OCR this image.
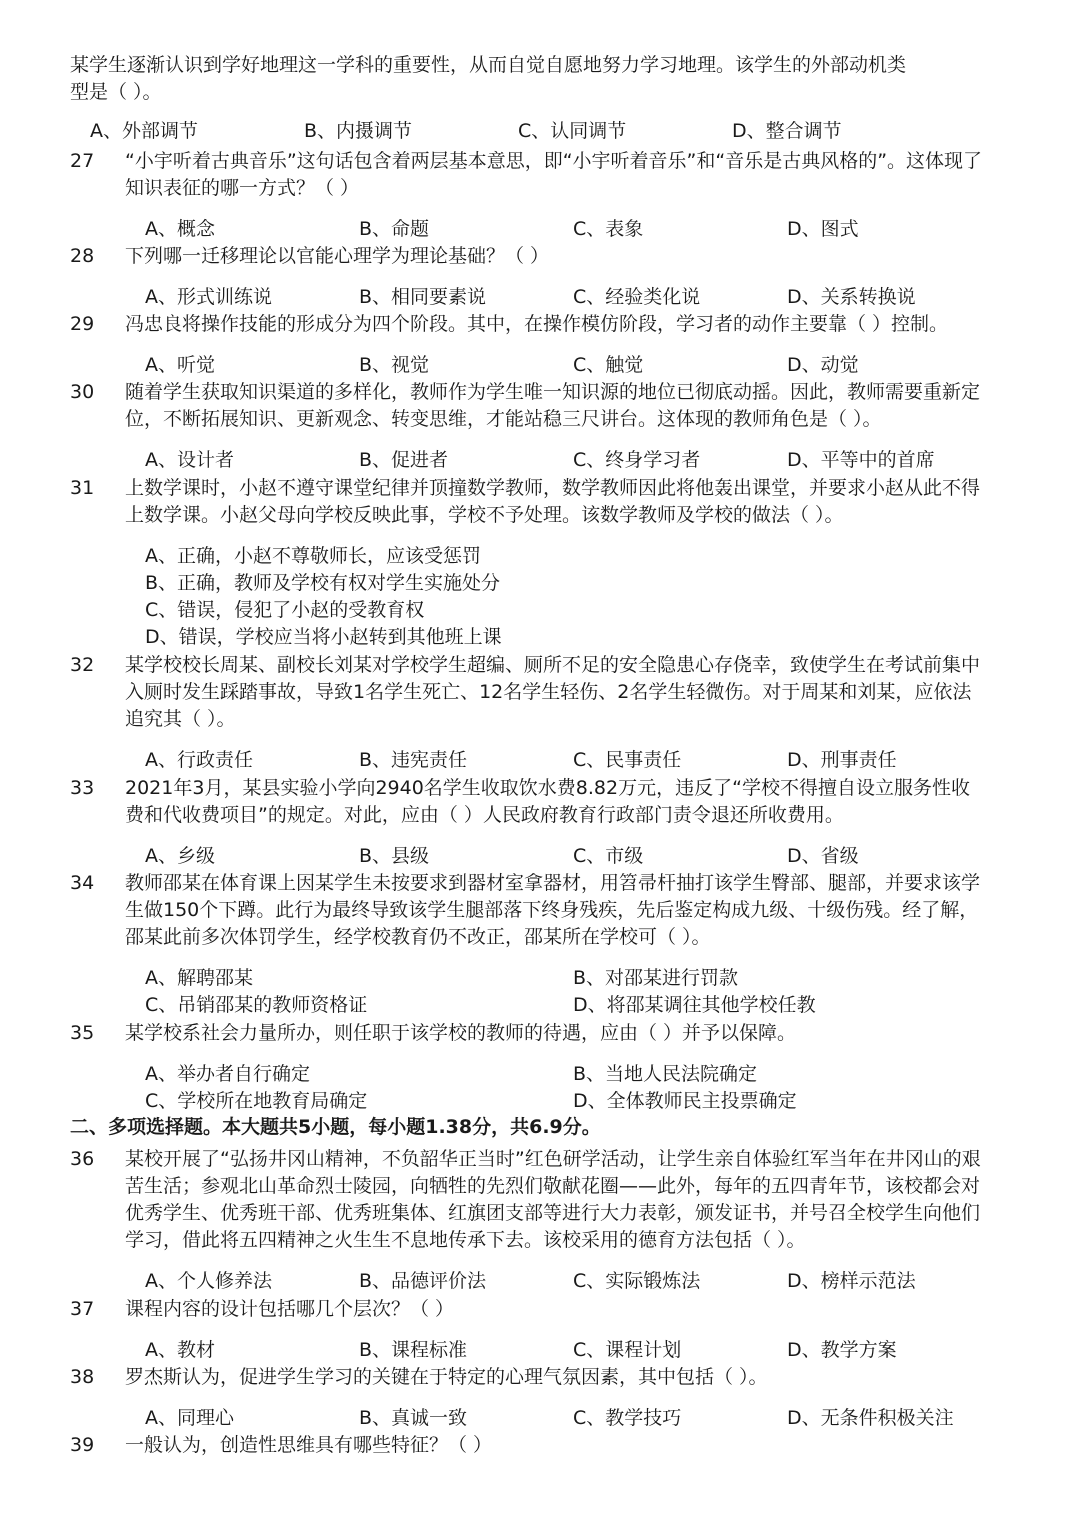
某学生逐渐认识到学好地理这一学科的重要性，从而自觉自愿地努力学习地理。该学生的外部动机类型是（ ）。
A、外部调节	B、内摄调节	C、认同调节	D、整合调节
27 “小宇听着古典音乐”这句话包含着两层基本意思，即“小宇听着音乐”和“音乐是古典风格的”。这体现了知识表征的哪一方式？（ ）
A、概念	B、命题	C、表象	D、图式
28 下列哪一迁移理论以官能心理学为理论基础？（ ）
A、形式训练说	B、相同要素说	C、经验类化说	D、关系转换说
29 冯忠良将操作技能的形成分为四个阶段。其中，在操作模仿阶段，学习者的动作主要靠（ ）控制。
A、听觉	B、视觉	C、触觉	D、动觉
30 随着学生获取知识渠道的多样化，教师作为学生唯一知识源的地位已彻底动摇。因此，教师需要重新定位，不断拓展知识、更新观念、转变思维，才能站稳三尺讲台。这体现的教师角色是（ ）。
A、设计者	B、促进者	C、终身学习者	D、平等中的首席
31 上数学课时，小赵不遵守课堂纪律并顶撞数学教师，数学教师因此将他轰出课堂，并要求小赵从此不得上数学课。小赵父母向学校反映此事，学校不予处理。该数学教师及学校的做法（ ）。
A、正确，小赵不尊敬师长，应该受惩罚
B、正确，教师及学校有权对学生实施处分
C、错误，侵犯了小赵的受教育权
D、错误，学校应当将小赵转到其他班上课
32 某学校校长周某、副校长刘某对学校学生超编、厕所不足的安全隐患心存侥幸，致使学生在考试前集中入厕时发生踩踏事故，导致1名学生死亡、12名学生轻伤、2名学生轻微伤。对于周某和刘某，应依法追究其（ ）。
A、行政责任	B、违宪责任	C、民事责任	D、刑事责任
33 2021年3月，某县实验小学向2940名学生收取饮水费8.82万元，违反了“学校不得擅自设立服务性收费和代收费项目”的规定。对此，应由（ ）人民政府教育行政部门责令退还所收费用。
A、乡级	B、县级	C、市级	D、省级
34 教师邵某在体育课上因某学生未按要求到器材室拿器材，用笤帚杆抽打该学生臀部、腿部，并要求该学生做150个下蹲。此行为最终导致该学生腿部落下终身残疾，先后鉴定构成九级、十级伤残。经了解，邵某此前多次体罚学生，经学校教育仍不改正，邵某所在学校可（ ）。
A、解聘邵某	B、对邵某进行罚款
C、吊销邵某的教师资格证	D、将邵某调往其他学校任教
35 某学校系社会力量所办，则任职于该学校的教师的待遇，应由（ ）并予以保障。
A、举办者自行确定	B、当地人民法院确定
C、学校所在地教育局确定	D、全体教师民主投票确定
二、多项选择题。本大题共5小题，每小题1.38分，共6.9分。
36 某校开展了“弘扬井冈山精神，不负韶华正当时”红色研学活动，让学生亲自体验红军当年在井冈山的艰苦生活；参观北山革命烈士陵园，向牺牲的先烈们敬献花圈——此外，每年的五四青年节，该校都会对优秀学生、优秀班干部、优秀班集体、红旗团支部等进行大力表彰，颁发证书，并号召全校学生向他们学习，借此将五四精神之火生生不息地传承下去。该校采用的德育方法包括（ ）。
A、个人修养法	B、品德评价法	C、实际锻炼法	D、榜样示范法
37 课程内容的设计包括哪几个层次？（ ）
A、教材	B、课程标准	C、课程计划	D、教学方案
38 罗杰斯认为，促进学生学习的关键在于特定的心理气氛因素，其中包括（ ）。
A、同理心	B、真诚一致	C、教学技巧	D、无条件积极关注
39 一般认为，创造性思维具有哪些特征？（ ）
